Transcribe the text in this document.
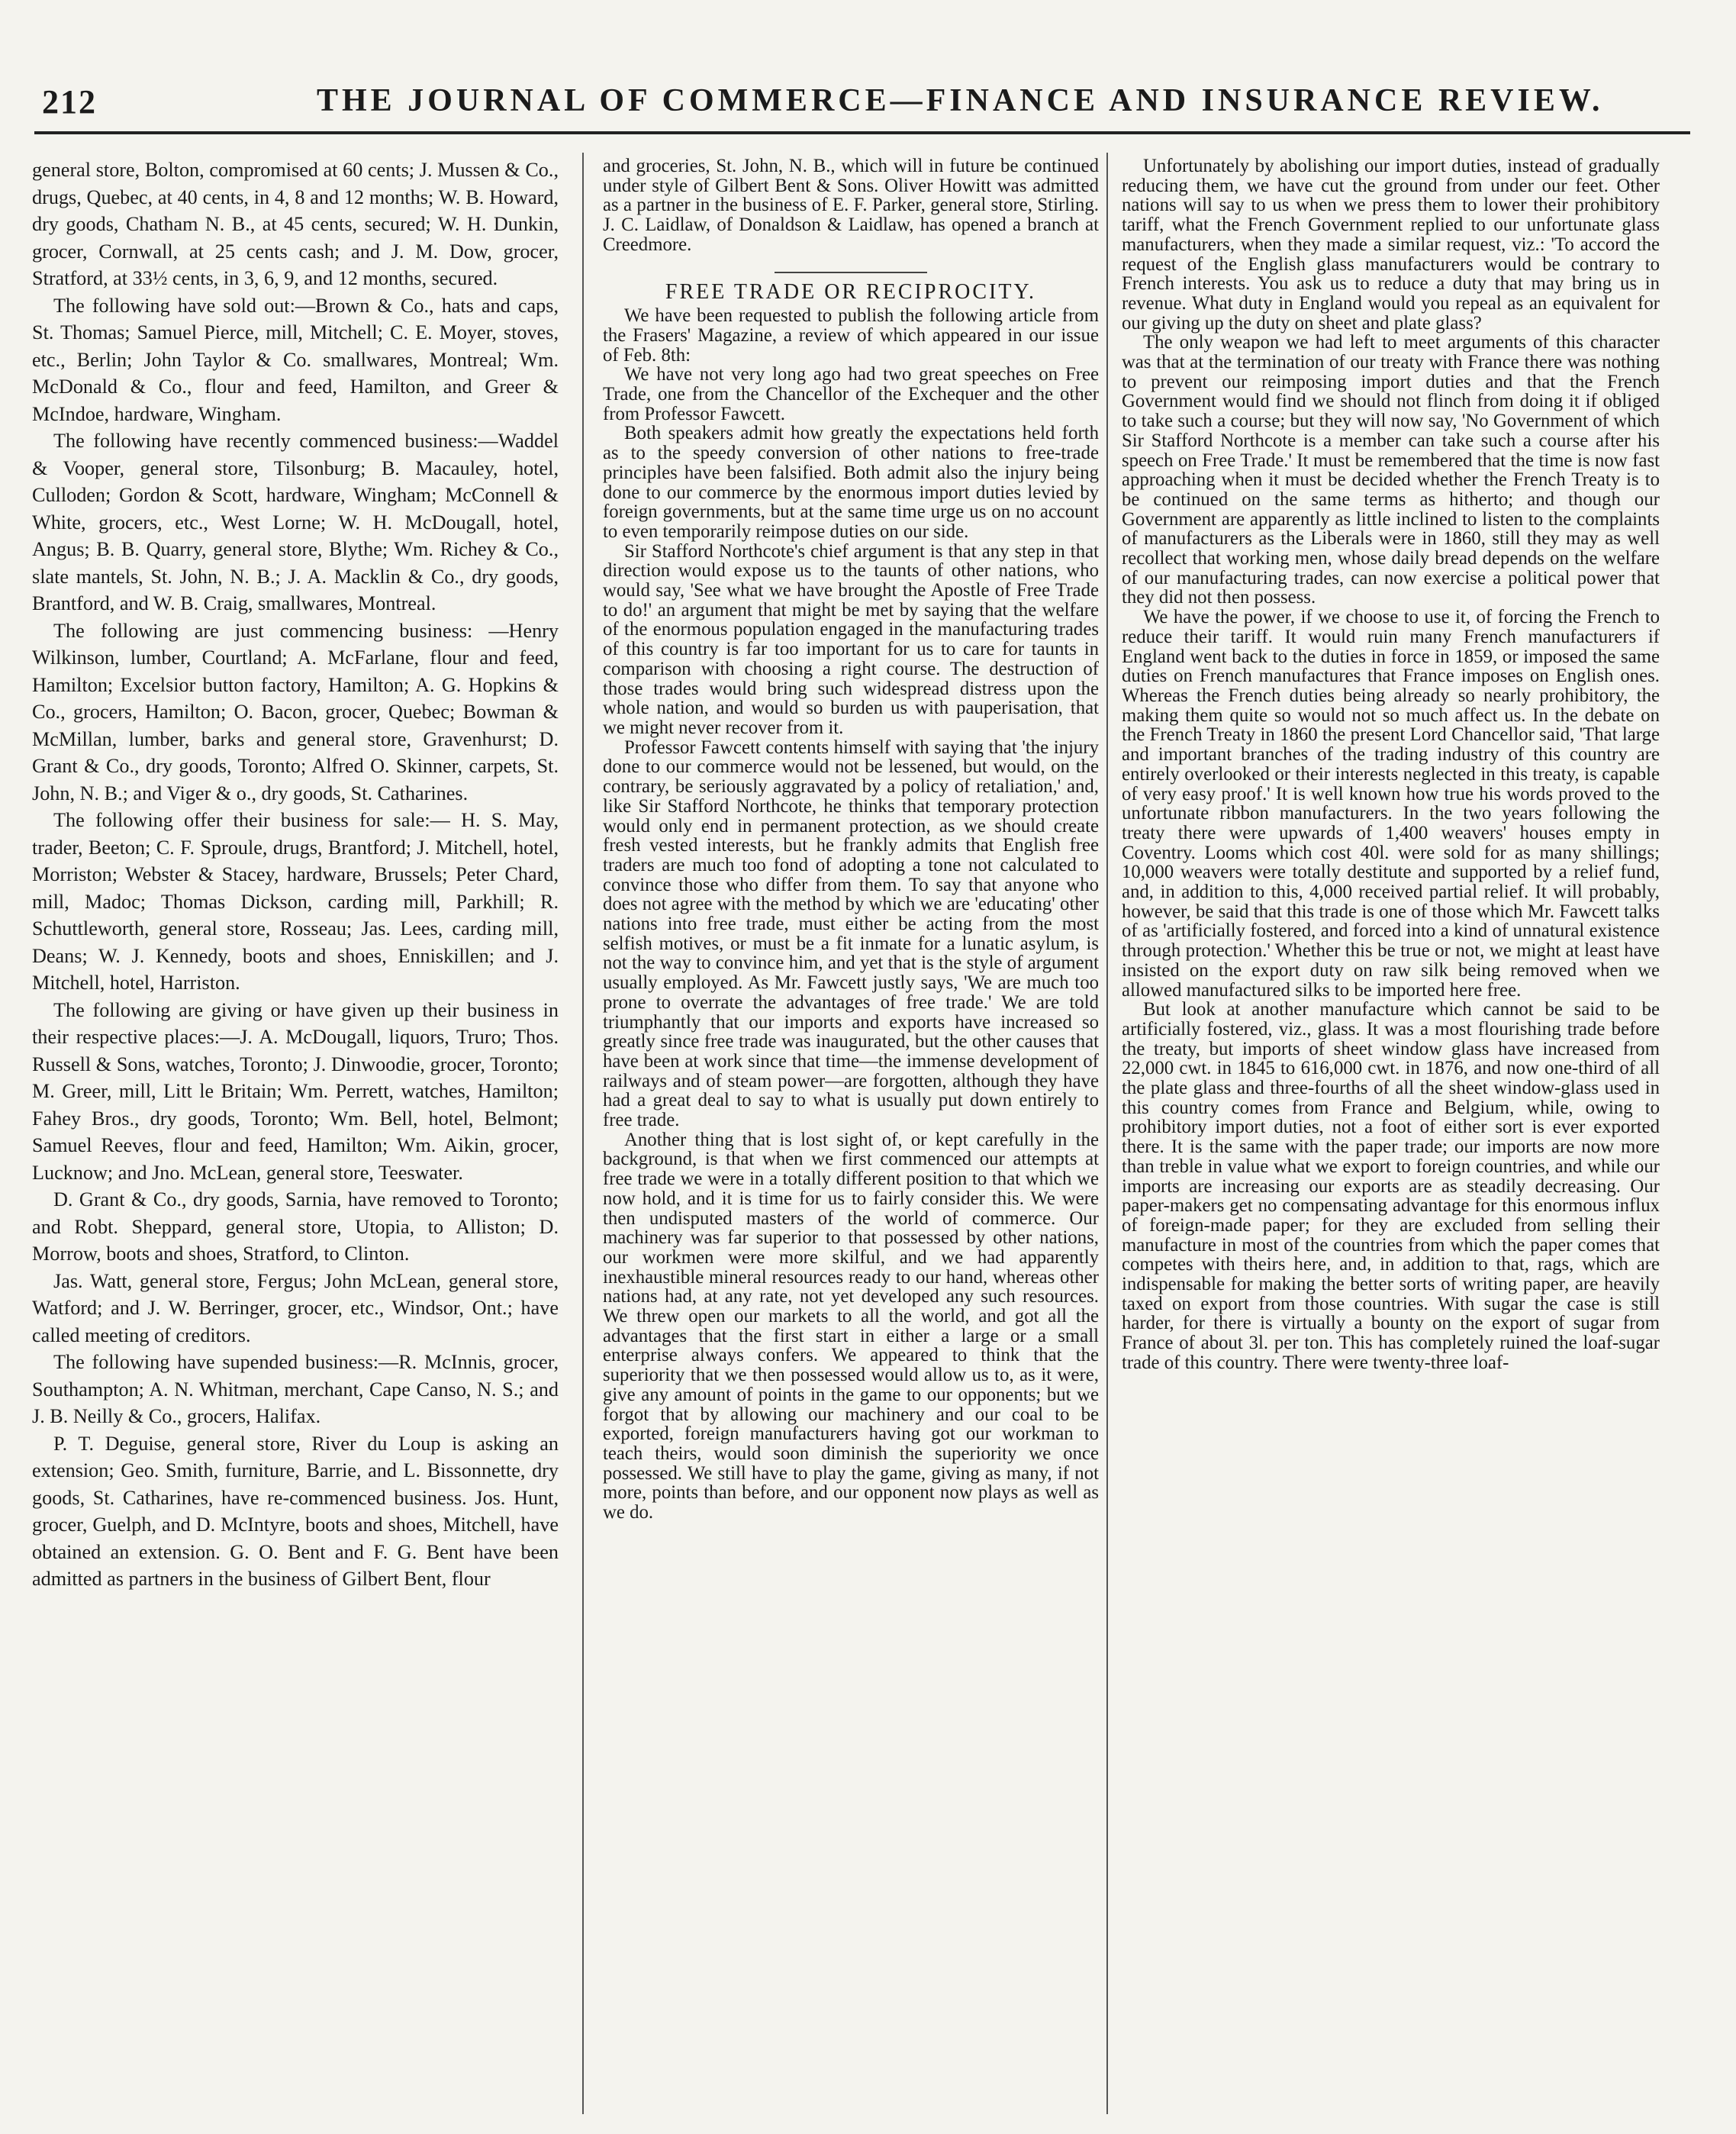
212	THE JOURNAL OF COMMERCE—FINANCE AND INSURANCE REVIEW.

general store, Bolton, compromised at 60 cents; J. Mussen & Co., drugs, Quebec, at 40 cents, in 4, 8 and 12 months; W. B. Howard, dry goods, Chatham N. B., at 45 cents, secured; W. H. Dunkin, grocer, Cornwall, at 25 cents cash; and J. M. Dow, grocer, Stratford, at 33½ cents, in 3, 6, 9, and 12 months, secured.

The following have sold out:—Brown & Co., hats and caps, St. Thomas; Samuel Pierce, mill, Mitchell; C. E. Moyer, stoves, etc., Berlin; John Taylor & Co. smallwares, Montreal; Wm. McDonald & Co., flour and feed, Hamilton, and Greer & McIndoe, hardware, Wingham.

The following have recently commenced business:—Waddel & Vooper, general store, Tilsonburg; B. Macauley, hotel, Culloden; Gordon & Scott, hardware, Wingham; McConnell & White, grocers, etc., West Lorne; W. H. McDougall, hotel, Angus; B. B. Quarry, general store, Blythe; Wm. Richey & Co., slate mantels, St. John, N. B.; J. A. Macklin & Co., dry goods, Brantford, and W. B. Craig, smallwares, Montreal.

The following are just commencing business: —Henry Wilkinson, lumber, Courtland; A. McFarlane, flour and feed, Hamilton; Excelsior button factory, Hamilton; A. G. Hopkins & Co., grocers, Hamilton; O. Bacon, grocer, Quebec; Bowman & McMillan, lumber, barks and general store, Gravenhurst; D. Grant & Co., dry goods, Toronto; Alfred O. Skinner, carpets, St. John, N. B.; and Viger & o., dry goods, St. Catharines.

The following offer their business for sale:— H. S. May, trader, Beeton; C. F. Sproule, drugs, Brantford; J. Mitchell, hotel, Morriston; Webster & Stacey, hardware, Brussels; Peter Chard, mill, Madoc; Thomas Dickson, carding mill, Parkhill; R. Schuttleworth, general store, Rosseau; Jas. Lees, carding mill, Deans; W. J. Kennedy, boots and shoes, Enniskillen; and J. Mitchell, hotel, Harriston.

The following are giving or have given up their business in their respective places:—J. A. McDougall, liquors, Truro; Thos. Russell & Sons, watches, Toronto; J. Dinwoodie, grocer, Toronto; M. Greer, mill, Litt le Britain; Wm. Perrett, watches, Hamilton; Fahey Bros., dry goods, Toronto; Wm. Bell, hotel, Belmont; Samuel Reeves, flour and feed, Hamilton; Wm. Aikin, grocer, Lucknow; and Jno. McLean, general store, Teeswater.

D. Grant & Co., dry goods, Sarnia, have removed to Toronto; and Robt. Sheppard, general store, Utopia, to Alliston; D. Morrow, boots and shoes, Stratford, to Clinton.

Jas. Watt, general store, Fergus; John McLean, general store, Watford; and J. W. Berringer, grocer, etc., Windsor, Ont.; have called meeting of creditors.

The following have supended business:—R. McInnis, grocer, Southampton; A. N. Whitman, merchant, Cape Canso, N. S.; and J. B. Neilly & Co., grocers, Halifax.

P. T. Deguise, general store, River du Loup is asking an extension; Geo. Smith, furniture, Barrie, and L. Bissonnette, dry goods, St. Catharines, have re-commenced business. Jos. Hunt, grocer, Guelph, and D. McIntyre, boots and shoes, Mitchell, have obtained an extension. G. O. Bent and F. G. Bent have been admitted as partners in the business of Gilbert Bent, flour

and groceries, St. John, N. B., which will in future be continued under style of Gilbert Bent & Sons. Oliver Howitt was admitted as a partner in the business of E. F. Parker, general store, Stirling. J. C. Laidlaw, of Donaldson & Laidlaw, has opened a branch at Creedmore.

FREE TRADE OR RECIPROCITY.

We have been requested to publish the following article from the Frasers' Magazine, a review of which appeared in our issue of Feb. 8th:

We have not very long ago had two great speeches on Free Trade, one from the Chancellor of the Exchequer and the other from Professor Fawcett.

Both speakers admit how greatly the expectations held forth as to the speedy conversion of other nations to free-trade principles have been falsified. Both admit also the injury being done to our commerce by the enormous import duties levied by foreign governments, but at the same time urge us on no account to even temporarily reimpose duties on our side.

Sir Stafford Northcote's chief argument is that any step in that direction would expose us to the taunts of other nations, who would say, 'See what we have brought the Apostle of Free Trade to do!' an argument that might be met by saying that the welfare of the enormous population engaged in the manufacturing trades of this country is far too important for us to care for taunts in comparison with choosing a right course. The destruction of those trades would bring such widespread distress upon the whole nation, and would so burden us with pauperisation, that we might never recover from it.

Professor Fawcett contents himself with saying that 'the injury done to our commerce would not be lessened, but would, on the contrary, be seriously aggravated by a policy of retaliation,' and, like Sir Stafford Northcote, he thinks that temporary protection would only end in permanent protection, as we should create fresh vested interests, but he frankly admits that English free traders are much too fond of adopting a tone not calculated to convince those who differ from them. To say that anyone who does not agree with the method by which we are 'educating' other nations into free trade, must either be acting from the most selfish motives, or must be a fit inmate for a lunatic asylum, is not the way to convince him, and yet that is the style of argument usually employed. As Mr. Fawcett justly says, 'We are much too prone to overrate the advantages of free trade.' We are told triumphantly that our imports and exports have increased so greatly since free trade was inaugurated, but the other causes that have been at work since that time—the immense development of railways and of steam power—are forgotten, although they have had a great deal to say to what is usually put down entirely to free trade.

Another thing that is lost sight of, or kept carefully in the background, is that when we first commenced our attempts at free trade we were in a totally different position to that which we now hold, and it is time for us to fairly consider this. We were then undisputed masters of the world of commerce. Our machinery was far superior to that possessed by other nations, our workmen were more skilful, and we had apparently inexhaustible mineral resources ready to our hand, whereas other nations had, at any rate, not yet developed any such resources. We threw open our markets to all the world, and got all the advantages that the first start in either a large or a small enterprise always confers. We appeared to think that the superiority that we then possessed would allow us to, as it were, give any amount of points in the game to our opponents; but we forgot that by allowing our machinery and our coal to be exported, foreign manufacturers having got our workman to teach theirs, would soon diminish the superiority we once possessed. We still have to play the game, giving as many, if not more, points than before, and our opponent now plays as well as we do.

Unfortunately by abolishing our import duties, instead of gradually reducing them, we have cut the ground from under our feet. Other nations will say to us when we press them to lower their prohibitory tariff, what the French Government replied to our unfortunate glass manufacturers, when they made a similar request, viz.: 'To accord the request of the English glass manufacturers would be contrary to French interests. You ask us to reduce a duty that may bring us in revenue. What duty in England would you repeal as an equivalent for our giving up the duty on sheet and plate glass?

The only weapon we had left to meet arguments of this character was that at the termination of our treaty with France there was nothing to prevent our reimposing import duties and that the French Government would find we should not flinch from doing it if obliged to take such a course; but they will now say, 'No Government of which Sir Stafford Northcote is a member can take such a course after his speech on Free Trade.' It must be remembered that the time is now fast approaching when it must be decided whether the French Treaty is to be continued on the same terms as hitherto; and though our Government are apparently as little inclined to listen to the complaints of manufacturers as the Liberals were in 1860, still they may as well recollect that working men, whose daily bread depends on the welfare of our manufacturing trades, can now exercise a political power that they did not then possess.

We have the power, if we choose to use it, of forcing the French to reduce their tariff. It would ruin many French manufacturers if England went back to the duties in force in 1859, or imposed the same duties on French manufactures that France imposes on English ones. Whereas the French duties being already so nearly prohibitory, the making them quite so would not so much affect us. In the debate on the French Treaty in 1860 the present Lord Chancellor said, 'That large and important branches of the trading industry of this country are entirely overlooked or their interests neglected in this treaty, is capable of very easy proof.' It is well known how true his words proved to the unfortunate ribbon manufacturers. In the two years following the treaty there were upwards of 1,400 weavers' houses empty in Coventry. Looms which cost 40l. were sold for as many shillings; 10,000 weavers were totally destitute and supported by a relief fund, and, in addition to this, 4,000 received partial relief. It will probably, however, be said that this trade is one of those which Mr. Fawcett talks of as 'artificially fostered, and forced into a kind of unnatural existence through protection.' Whether this be true or not, we might at least have insisted on the export duty on raw silk being removed when we allowed manufactured silks to be imported here free.

But look at another manufacture which cannot be said to be artificially fostered, viz., glass. It was a most flourishing trade before the treaty, but imports of sheet window glass have increased from 22,000 cwt. in 1845 to 616,000 cwt. in 1876, and now one-third of all the plate glass and three-fourths of all the sheet window-glass used in this country comes from France and Belgium, while, owing to prohibitory import duties, not a foot of either sort is ever exported there. It is the same with the paper trade; our imports are now more than treble in value what we export to foreign countries, and while our imports are increasing our exports are as steadily decreasing. Our paper-makers get no compensating advantage for this enormous influx of foreign-made paper; for they are excluded from selling their manufacture in most of the countries from which the paper comes that competes with theirs here, and, in addition to that, rags, which are indispensable for making the better sorts of writing paper, are heavily taxed on export from those countries. With sugar the case is still harder, for there is virtually a bounty on the export of sugar from France of about 3l. per ton. This has completely ruined the loaf-sugar trade of this country. There were twenty-three loaf-
